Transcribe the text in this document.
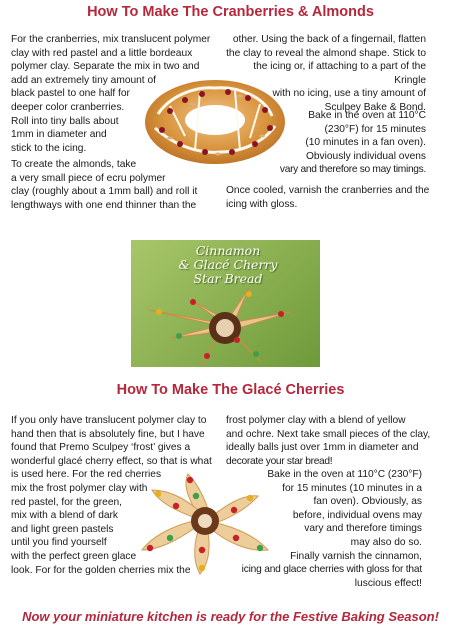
How To Make The Cranberries & Almonds

For the cranberries, mix translucent polymer

clay with red pastel and a little bordeaux

polymer clay. Separate the mix in two and

add an extremely tiny amount of

black pastel to one half for

deeper color cranberries.

Roll into tiny balls about

1mm in diameter and

stick to the icing.

To create the almonds, take

a very small piece of ecru polymer

clay (roughly about a 1mm ball) and roll it

lengthways with one end thinner than the

other. Using the back of a fingernail, flatten

the clay to reveal the almond shape. Stick to

the icing or, if attaching to a part of the Kringle

with no icing, use a tiny amount of

Sculpey Bake & Bond.

Bake in the oven at 110°C

(230°F) for 15 minutes

(10 minutes in a fan oven).

Obviously individual ovens

vary and therefore so may timings.

Once cooled, varnish the cranberries and the

icing with gloss.

Cinnamon
& Glacé Cherry
Star Bread
How To Make The Glacé Cherries

If you only have translucent polymer clay to

hand then that is absolutely fine, but I have

found that Premo Sculpey ‘frost’ gives a

wonderful glacé cherry effect, so that is what

is used here. For the red cherries

mix the frost polymer clay with

red pastel, for the green,

mix with a blend of dark

and light green pastels

until you find yourself

with the perfect green glace

look. For for the golden cherries mix the

frost polymer clay with a blend of yellow

and ochre. Next take small pieces of the clay,

ideally balls just over 1mm in diameter and

decorate your star bread!

Bake in the oven at 110°C (230°F)

for 15 minutes (10 minutes in a

fan oven). Obviously, as

before, individual ovens may

vary and therefore timings

may also do so.

Finally varnish the cinnamon,

icing and glace cherries with gloss for that

luscious effect!

Now your miniature kitchen is ready for the Festive Baking Season!
